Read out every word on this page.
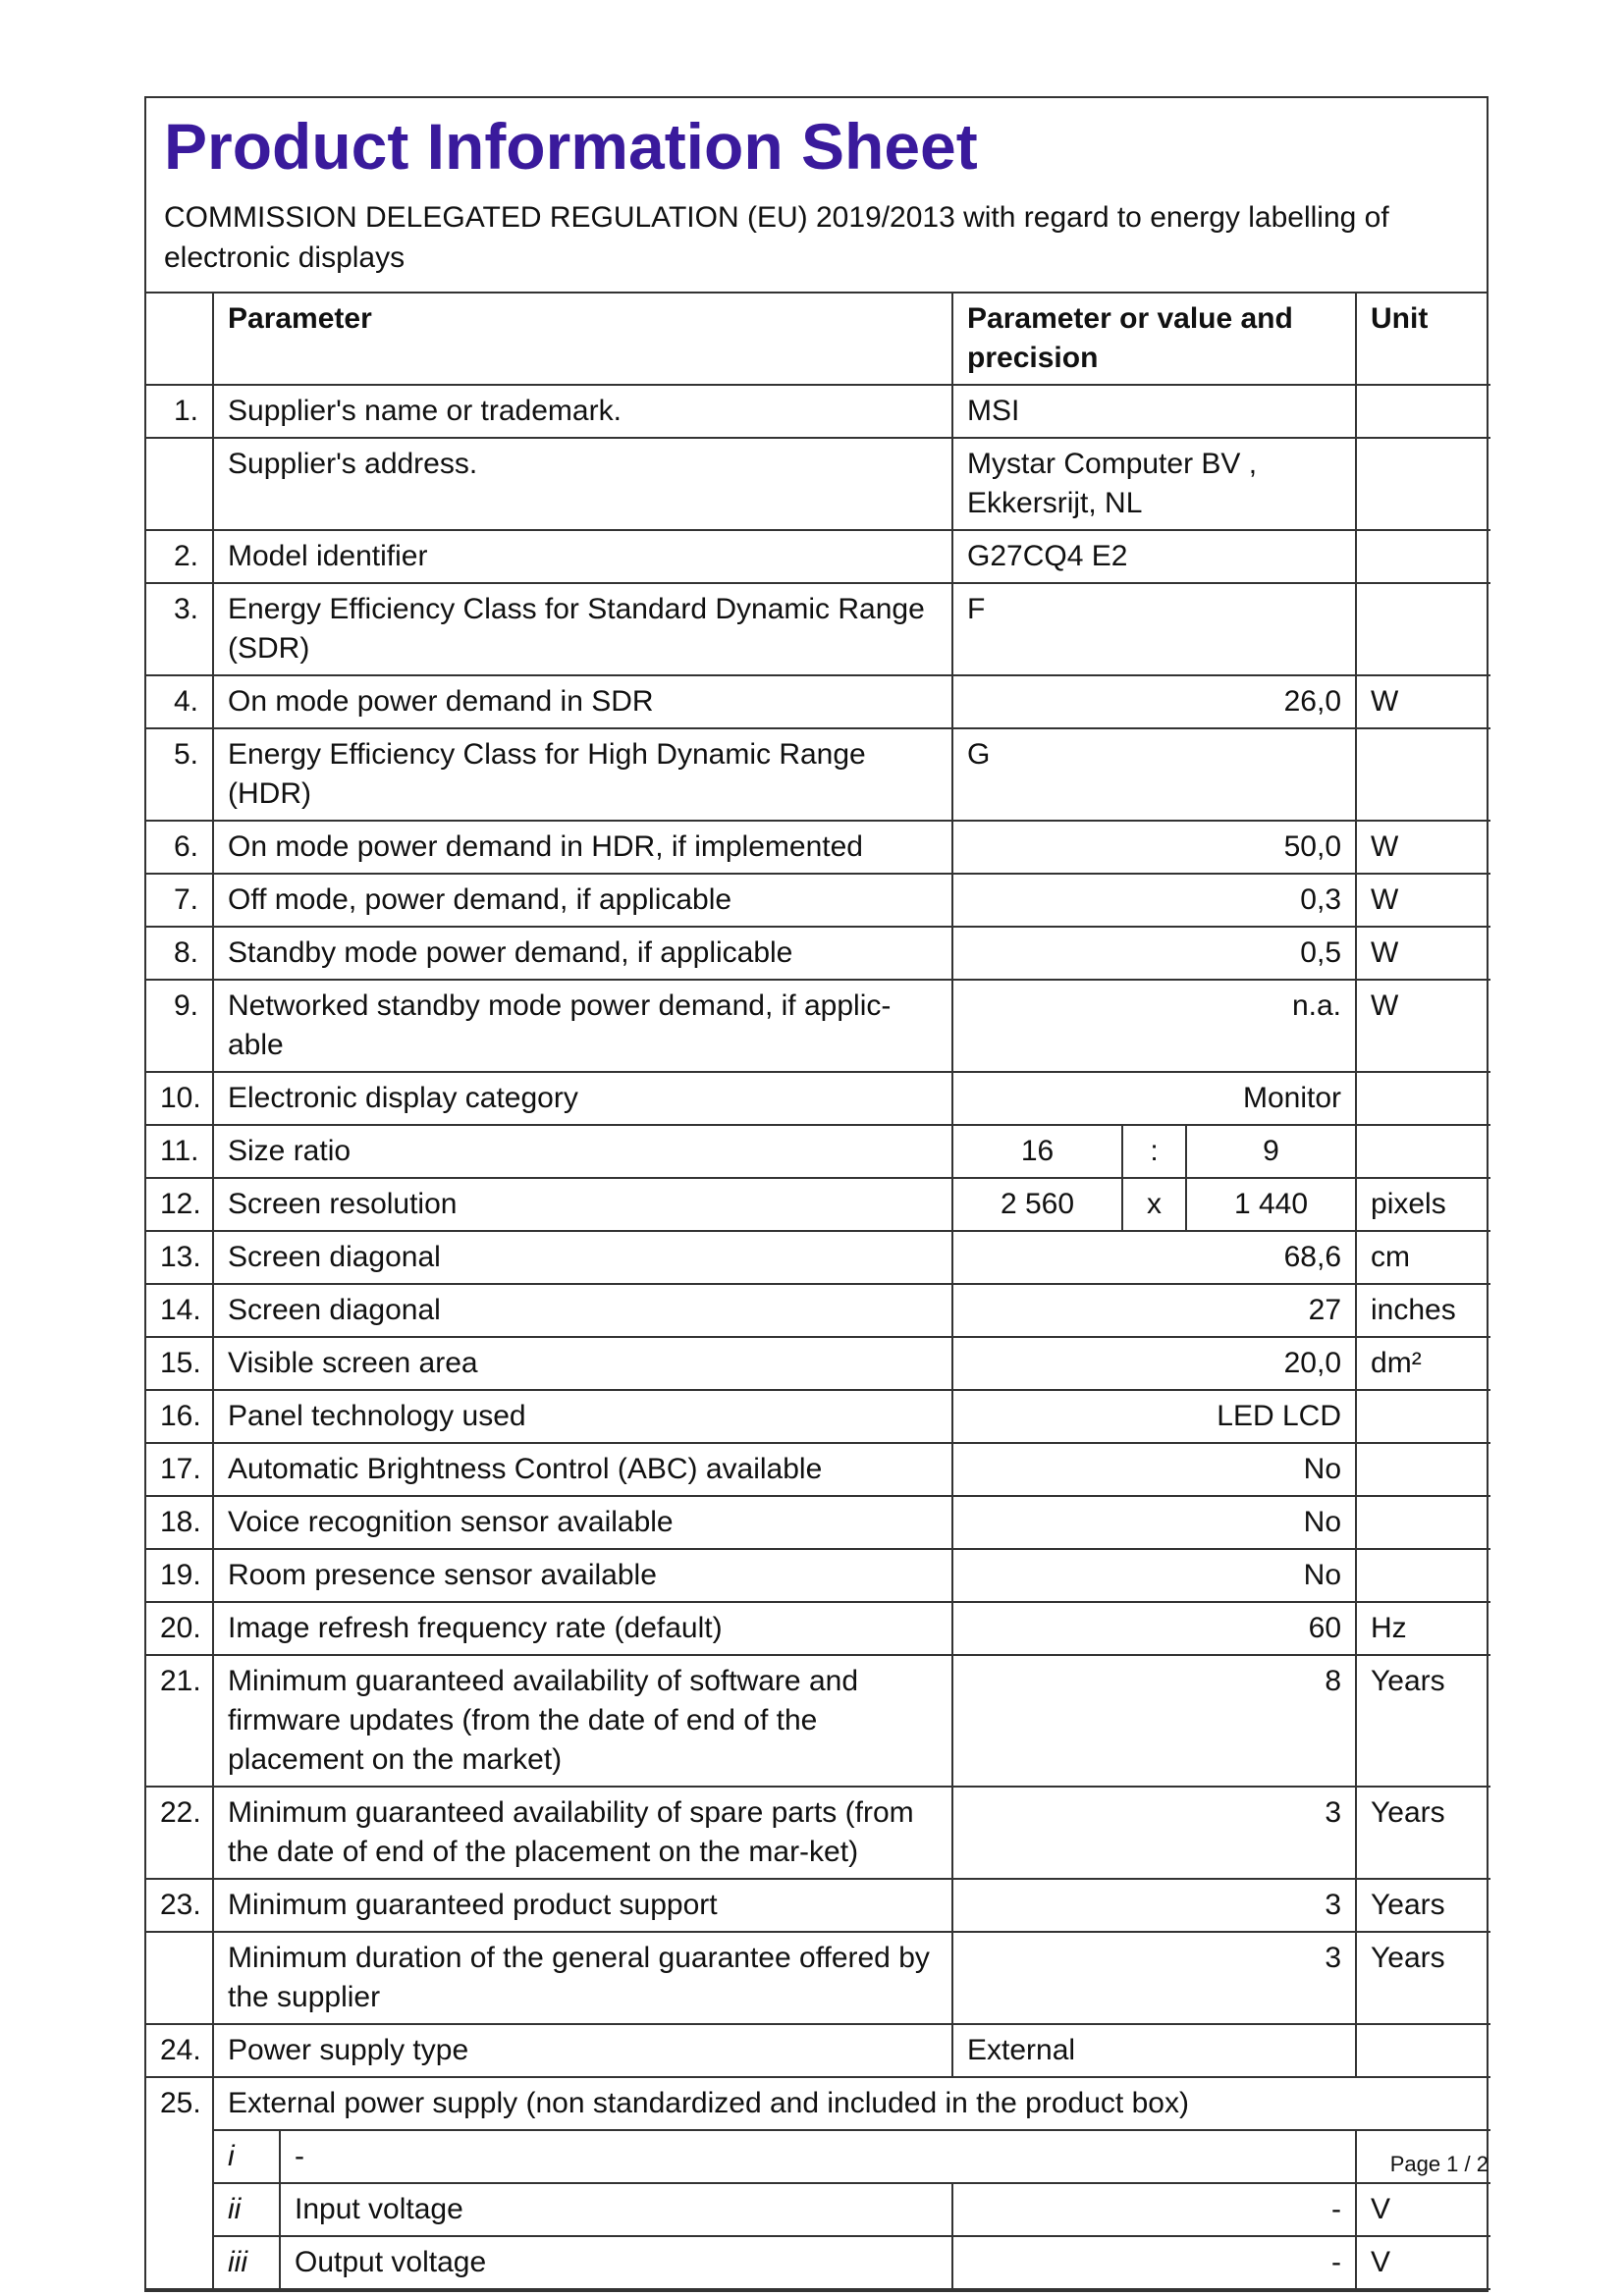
Product Information Sheet
COMMISSION DELEGATED REGULATION (EU) 2019/2013 with regard to energy labelling of electronic displays
	Parameter		Parameter or value and precision			Unit
1.	Supplier's name or trademark.		MSI			
	Supplier's address.		Mystar Computer BV , Ekkersrijt, NL			
2.	Model identifier		G27CQ4 E2			
3.	Energy Efficiency Class for Standard Dynamic Range (SDR)		F			
4.	On mode power demand in SDR		26,0			W
5.	Energy Efficiency Class for High Dynamic Range (HDR)		G			
6.	On mode power demand in HDR, if implemented		50,0			W
7.	Off mode, power demand, if applicable		0,3			W
8.	Standby mode power demand, if applicable		0,5			W
9.	Networked standby mode power demand, if applic-able		n.a.			W
10.	Electronic display category		Monitor			
11.	Size ratio		16	:	9	
12.	Screen resolution		2 560	x	1 440	pixels
13.	Screen diagonal		68,6			cm
14.	Screen diagonal		27			inches
15.	Visible screen area		20,0			dm²
16.	Panel technology used		LED LCD			
17.	Automatic Brightness Control (ABC) available		No			
18.	Voice recognition sensor available		No			
19.	Room presence sensor available		No			
20.	Image refresh frequency rate (default)		60			Hz
21.	Minimum guaranteed availability of software and firmware updates (from the date of end of the placement on the market)		8			Years
22.	Minimum guaranteed availability of spare parts (from the date of end of the placement on the mar-ket)		3			Years
23.	Minimum guaranteed product support		3			Years
	Minimum duration of the general guarantee offered by the supplier		3			Years
24.	Power supply type		External			
25.	External power supply (non standardized and included in the product box)					
	i	-				
	ii	Input voltage	-			V
	iii	Output voltage	-			V
Page 1 / 2
